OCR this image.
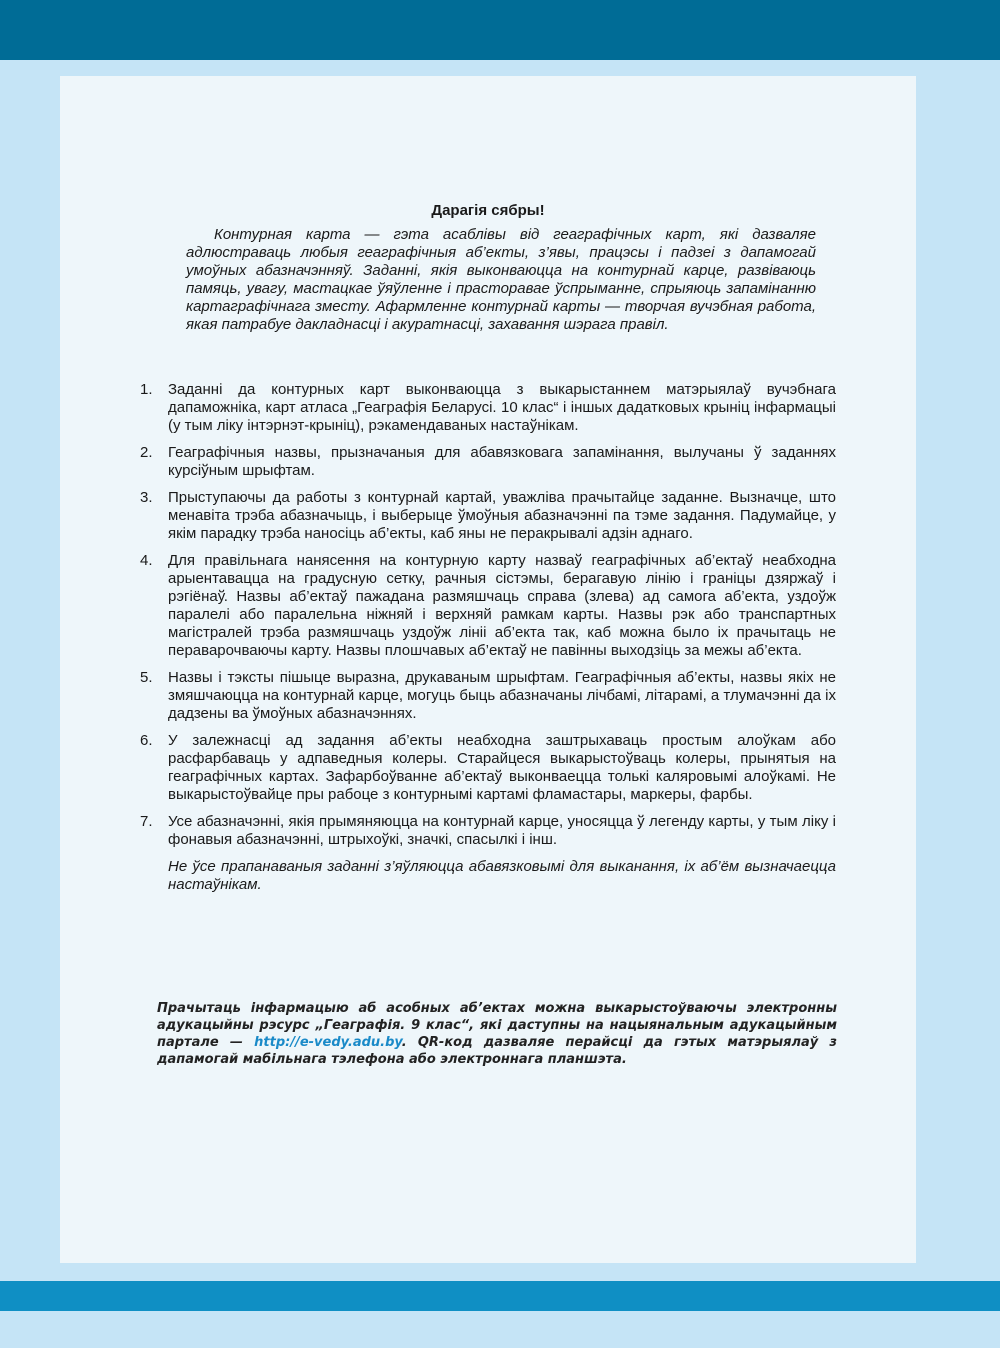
Дарагія сябры!

Контурная карта — гэта асаблівы від геаграфічных карт, які дазваляе адлюстраваць любыя геаграфічныя аб’екты, з’явы, працэсы і падзеі з дапамогай умоўных абазначэнняў. Заданні, якія выконваюцца на контурнай карце, развіваюць памяць, увагу, мастацкае ўяўленне і прасторавае ўспрыманне, спрыяюць запамінанню картаграфічнага зместу. Афармленне контурнай карты — творчая вучэбная работа, якая патрабуе дакладнасці і акуратнасці, захавання шэрага правіл.

1.	Заданні да контурных карт выконваюцца з выкарыстаннем матэрыялаў вучэбнага дапаможніка, карт атласа „Геаграфія Беларусі. 10 клас“ і іншых дадатковых крыніц інфармацыі (у тым ліку інтэрнэт-крыніц), рэкамендаваных настаўнікам.
2.	Геаграфічныя назвы, прызначаныя для абавязковага запамінання, вылучаны ў заданнях курсіўным шрыфтам.
3.	Прыступаючы да работы з контурнай картай, уважліва прачытайце заданне. Вызначце, што менавіта трэба абазначыць, і выберыце ўмоўныя абазначэнні па тэме задання. Падумайце, у якім парадку трэба наносіць аб’екты, каб яны не перакрывалі адзін аднаго.
4.	Для правільнага нанясення на контурную карту назваў геаграфічных аб’ектаў неабходна арыентавацца на градусную сетку, рачныя сістэмы, берагавую лінію і граніцы дзяржаў і рэгіёнаў. Назвы аб’ектаў пажадана размяшчаць справа (злева) ад самога аб’екта, уздоўж паралелі або паралельна ніжняй і верхняй рамкам карты. Назвы рэк або транспартных магістралей трэба размяшчаць уздоўж лініі аб’екта так, каб можна было іх прачытаць не пераварочваючы карту. Назвы плошчавых аб’ектаў не павінны выходзіць за межы аб’екта.
5.	Назвы і тэксты пішыце выразна, друкаваным шрыфтам. Геаграфічныя аб’екты, назвы якіх не змяшчаюцца на контурнай карце, могуць быць абазначаны лічбамі, літарамі, а тлумачэнні да іх дадзены ва ўмоўных абазначэннях.
6.	У залежнасці ад задання аб’екты неабходна заштрыхаваць простым алоўкам або расфарбаваць у адпаведныя колеры. Старайцеся выкарыстоўваць колеры, прынятыя на геаграфічных картах. Зафарбоўванне аб’ектаў выконваецца толькі каляровымі алоўкамі. Не выкарыстоўвайце пры рабоце з контурнымі картамі фламастары, маркеры, фарбы.
7.	Усе абазначэнні, якія прымяняюцца на контурнай карце, уносяцца ў легенду карты, у тым ліку і фонавыя абазначэнні, штрыхоўкі, значкі, спасылкі і інш.
Не ўсе прапанаваныя заданні з’яўляюцца абавязковымі для выканання, іх аб’ём вызначаецца настаўнікам.

Прачытаць інфармацыю аб асобных аб’ектах можна выкарыстоўваючы электронны адукацыйны рэсурс „Геаграфія. 9 клас“, які даступны на нацыянальным адукацыйным партале — http://e-vedy.adu.by. QR-код дазваляе перайсці да гэтых матэрыялаў з дапамогай мабільнага тэлефона або электроннага планшэта.
